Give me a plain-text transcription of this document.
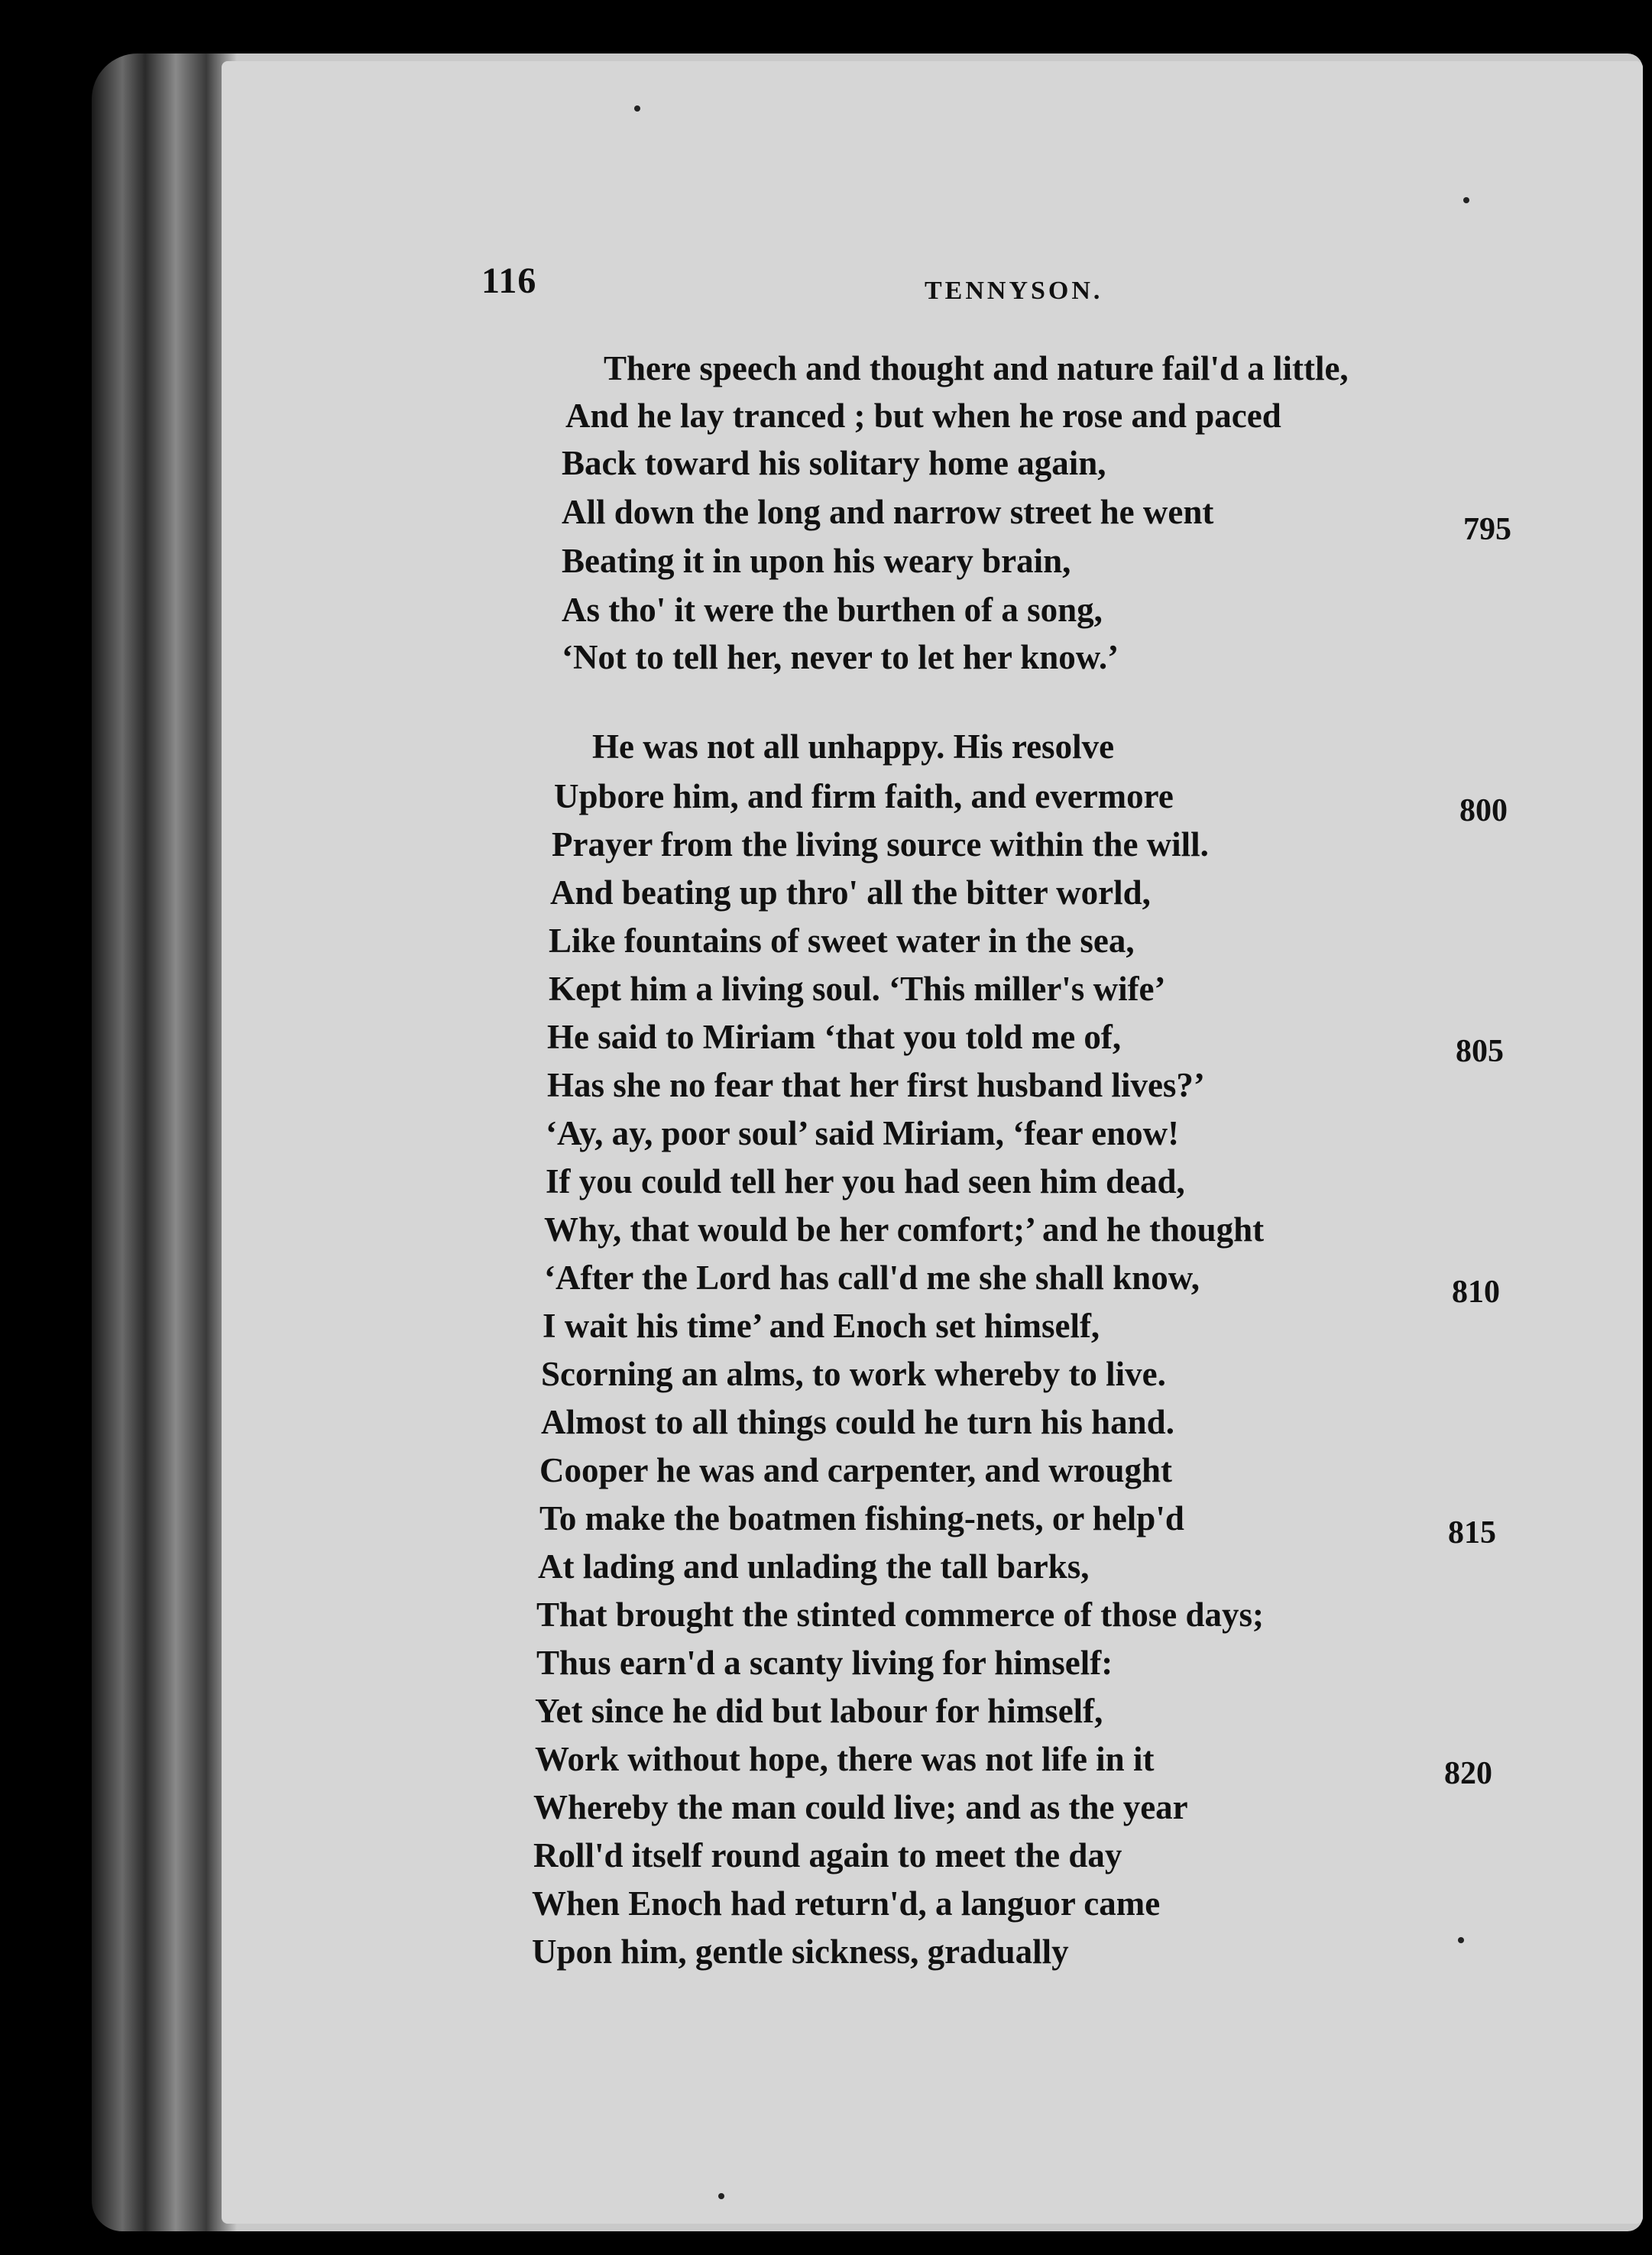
116	TENNYSON.
There speech and thought and nature fail'd a little,
And he lay tranced ; but when he rose and paced
Back toward his solitary home again,
All down the long and narrow street he went
Beating it in upon his weary brain,
As tho' it were the burthen of a song,
‘Not to tell her, never to let her know.’
He was not all unhappy. His resolve
Upbore him, and firm faith, and evermore
Prayer from the living source within the will.
And beating up thro' all the bitter world,
Like fountains of sweet water in the sea,
Kept him a living soul. ‘This miller's wife’
He said to Miriam ‘that you told me of,
Has she no fear that her first husband lives?’
‘Ay, ay, poor soul’ said Miriam, ‘fear enow!
If you could tell her you had seen him dead,
Why, that would be her comfort;’ and he thought
‘After the Lord has call'd me she shall know,
I wait his time’ and Enoch set himself,
Scorning an alms, to work whereby to live.
Almost to all things could he turn his hand.
Cooper he was and carpenter, and wrought
To make the boatmen fishing-nets, or help'd
At lading and unlading the tall barks,
That brought the stinted commerce of those days;
Thus earn'd a scanty living for himself:
Yet since he did but labour for himself,
Work without hope, there was not life in it
Whereby the man could live; and as the year
Roll'd itself round again to meet the day
When Enoch had return'd, a languor came
Upon him, gentle sickness, gradually
795
800
805
810
815
820
